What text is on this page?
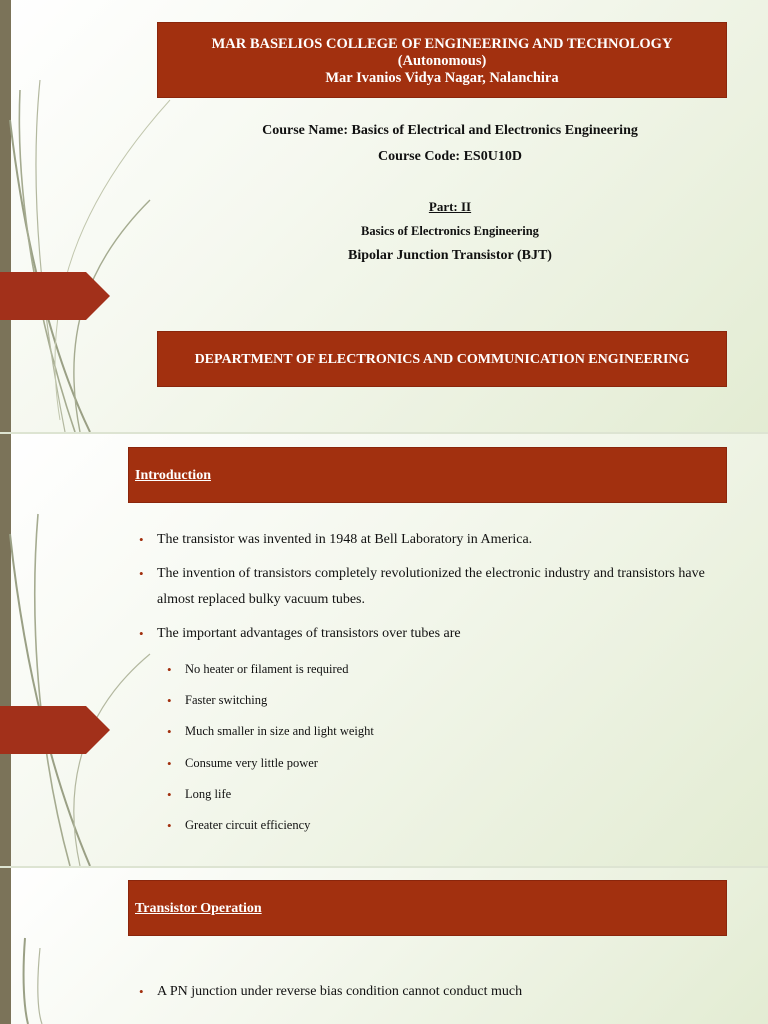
MAR BASELIOS COLLEGE OF ENGINEERING AND TECHNOLOGY
(Autonomous)
Mar Ivanios Vidya Nagar, Nalanchira
Course Name: Basics of Electrical and Electronics Engineering
Course Code: ES0U10D
Part: II
Basics of Electronics Engineering
Bipolar Junction Transistor (BJT)
DEPARTMENT OF ELECTRONICS AND COMMUNICATION ENGINEERING
Introduction
• The transistor was invented in 1948 at Bell Laboratory in America.
• The invention of transistors completely revolutionized the electronic industry and transistors have almost replaced bulky vacuum tubes.
• The important advantages of transistors over tubes are
• No heater or filament is required
• Faster switching
• Much smaller in size and light weight
• Consume very little power
• Long life
• Greater circuit efficiency
Transistor Operation
• A PN junction under reverse bias condition cannot conduct much
